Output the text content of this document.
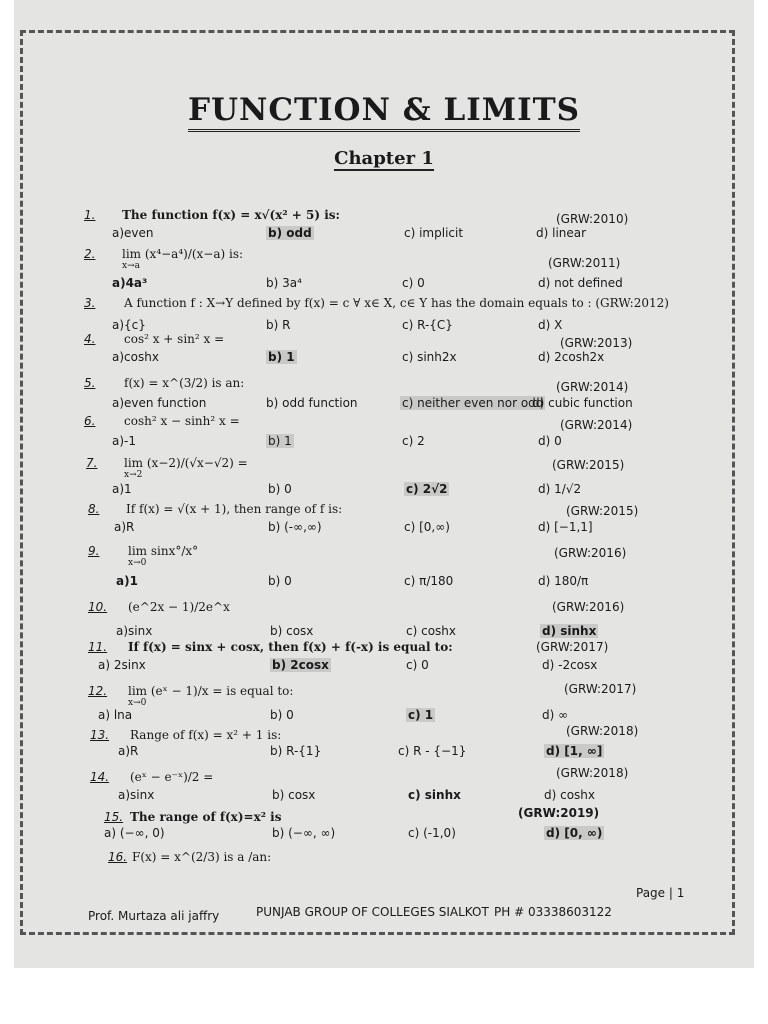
FUNCTION & LIMITS
Chapter 1
1. The function f(x) = x√(x² + 5) is:	(GRW:2010)
a)even	b) odd	c) implicit	d) linear
2. lim (x⁴−a⁴)/(x−a) is:
x→a	(GRW:2011)
a)4a³	b) 3a⁴	c) 0	d) not defined
3. A function f : X→Y defined by f(x) = c ∀ x∈ X, c∈ Y has the domain equals to : (GRW:2012)
a){c}	b) R	c) R-{C}	d) X
4. cos² x + sin² x =	(GRW:2013)
a)coshx	b) 1	c) sinh2x	d) 2cosh2x
5. f(x) = x^(3/2) is an:	(GRW:2014)
a)even function	b) odd function	c) neither even nor odd
d) cubic function
6. cosh² x − sinh² x =	(GRW:2014)
a)-1	b) 1	c) 2	d) 0
7. lim (x−2)/(√x−√2) =
x→2
(GRW:2015)
a)1	b) 0	c) 2√2	d) 1/√2
8. If f(x) = √(x + 1), then range of f is:	(GRW:2015)
a)R	b) (-∞,∞)	c) [0,∞)	d) [−1,1]
9. lim sinx°/x°
x→0
(GRW:2016)
a)1	b) 0	c) π/180	d) 180/π
10. (e^2x − 1)/2e^x	(GRW:2016)
a)sinx	b) cosx	c) coshx	d) sinhx
11. If f(x) = sinx + cosx, then f(x) + f(-x) is equal to:	(GRW:2017)
a) 2sinx	b) 2cosx	c) 0	d) -2cosx
12. lim (eˣ − 1)/x = is equal to:
x→0
(GRW:2017)
a) lna	b) 0	c) 1	d) ∞
13. Range of f(x) = x² + 1 is:	(GRW:2018)
a)R	b) R-{1}	c) R - {−1}	d) [1, ∞]
14. (eˣ − e⁻ˣ)/2 =	(GRW:2018)
a)sinx	b) cosx	c) sinhx	d) coshx
15. The range of f(x)=x² is	(GRW:2019)
a) (−∞, 0)	b) (−∞, ∞)	c) (-1,0)	d) [0, ∞)
16. F(x) = x^(2/3) is a /an:
Page | 1
Prof. Murtaza ali jaffry	PUNJAB GROUP OF COLLEGES SIALKOT PH # 03338603122
